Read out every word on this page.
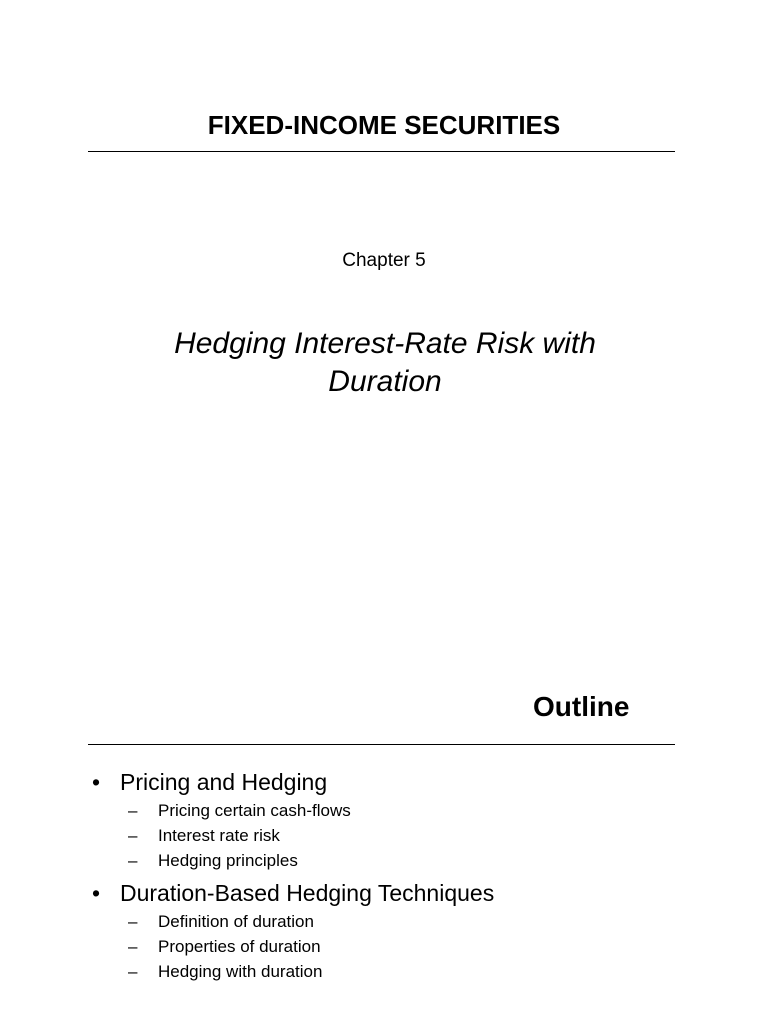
FIXED-INCOME SECURITIES
Chapter 5
Hedging Interest-Rate Risk with Duration
Outline
• Pricing and Hedging
– Pricing certain cash-flows
– Interest rate risk
– Hedging principles
• Duration-Based Hedging Techniques
– Definition of duration
– Properties of duration
– Hedging with duration
